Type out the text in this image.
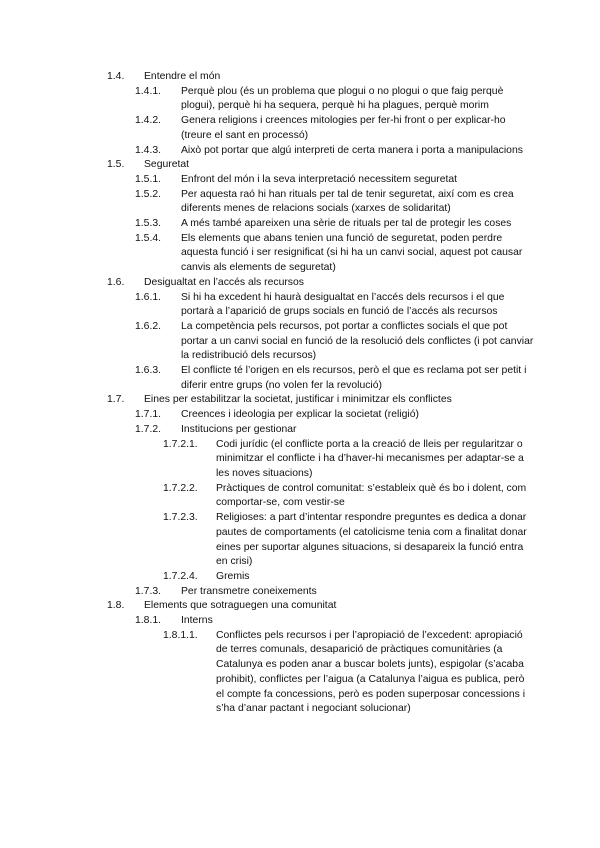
1.4. Entendre el món
1.4.1. Perquè plou (és un problema que plogui o no plogui o que faig perquè plogui), perquè hi ha sequera, perquè hi ha plagues, perquè morim
1.4.2. Genera religions i creences mitologies per fer-hi front o per explicar-ho (treure el sant en processó)
1.4.3. Això pot portar que algú interpreti de certa manera i porta a manipulacions
1.5. Seguretat
1.5.1. Enfront del món i la seva interpretació necessitem seguretat
1.5.2. Per aquesta raó hi han rituals per tal de tenir seguretat, així com es crea diferents menes de relacions socials (xarxes de solidaritat)
1.5.3. A més també apareixen una sèrie de rituals per tal de protegir les coses
1.5.4. Els elements que abans tenien una funció de seguretat, poden perdre aquesta funció i ser resignificat (si hi ha un canvi social, aquest pot causar canvis als elements de seguretat)
1.6. Desigualtat en l’accés als recursos
1.6.1. Si hi ha excedent hi haurà desigualtat en l’accés dels recursos i el que portarà a l’aparició de grups socials en funció de l’accés als recursos
1.6.2. La competència pels recursos, pot portar a conflictes socials el que pot portar a un canvi social en funció de la resolució dels conflictes (i pot canviar la redistribució dels recursos)
1.6.3. El conflicte té l’origen en els recursos, però el que es reclama pot ser petit i diferir entre grups (no volen fer la revolució)
1.7. Eines per estabilitzar la societat, justificar i minimitzar els conflictes
1.7.1. Creences i ideologia per explicar la societat (religió)
1.7.2. Institucions per gestionar
1.7.2.1. Codi jurídic (el conflicte porta a la creació de lleis per regularitzar o minimitzar el conflicte i ha d’haver-hi mecanismes per adaptar-se a les noves situacions)
1.7.2.2. Pràctiques de control comunitat: s’estableix què és bo i dolent, com comportar-se, com vestir-se
1.7.2.3. Religioses: a part d’intentar respondre preguntes es dedica a donar pautes de comportaments (el catolicisme tenia com a finalitat donar eines per suportar algunes situacions, si desapareix la funció entra en crisi)
1.7.2.4. Gremis
1.7.3. Per transmetre coneixements
1.8. Elements que sotraguegen una comunitat
1.8.1. Interns
1.8.1.1. Conflictes pels recursos i per l’apropiació de l’excedent: apropiació de terres comunals, desaparició de pràctiques comunitàries (a Catalunya es poden anar a buscar bolets junts), espigolar (s’acaba prohibit), conflictes per l’aigua (a Catalunya l’aigua es publica, però el compte fa concessions, però es poden superposar concessions i s’ha d’anar pactant i negociant solucionar)
